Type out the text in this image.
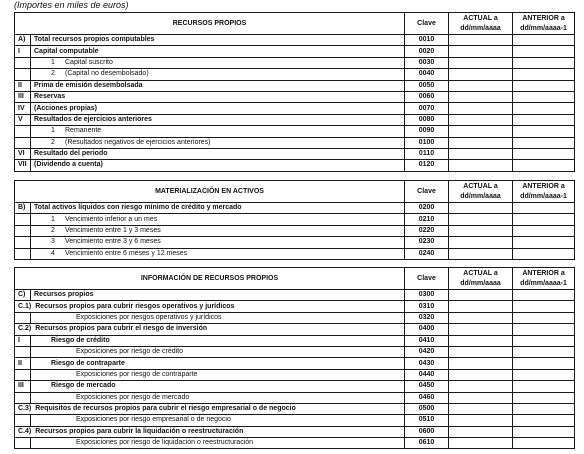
(Importes en miles de euros)
RECURSOS PROPIOS		Clave	ACTUAL a dd/mm/aaaa	ANTERIOR a dd/mm/aaaa-1
A)	Total recursos propios computables	0010		
I	Capital computable	0020		
	1 Capital suscrito	0030		
	2 (Capital no desembolsado)	0040		
II	Prima de emisión desembolsada	0050		
III	Reservas	0060		
IV	(Acciones propias)	0070		
V	Resultados de ejercicios anteriores	0080		
	1 Remanente	0090		
	2 (Resultados negativos de ejercicios anteriores)	0100		
VI	Resultado del periodo	0110		
VII	(Dividendo a cuenta)	0120		
MATERIALIZACIÓN EN ACTIVOS		Clave	ACTUAL a dd/mm/aaaa	ANTERIOR a dd/mm/aaaa-1
B)	Total activos líquidos con riesgo mínimo de crédito y mercado	0200		
	1 Vencimiento inferior a un mes	0210		
	2 Vencimiento entre 1 y 3 meses	0220		
	3 Vencimiento entre 3 y 6 meses	0230		
	4 Vencimiento entre 6 meses y 12 meses	0240		
INFORMACIÓN DE RECURSOS PROPIOS		Clave	ACTUAL a dd/mm/aaaa	ANTERIOR a dd/mm/aaaa-1
C)	Recursos propios	0300		
C.1) Recursos propios para cubrir riesgos operativos y jurídicos		0310		
	Exposiciones por riesgos operativos y jurídicos	0320		
C.2) Recursos propios para cubrir el riesgo de inversión		0400		
I	Riesgo de crédito	0410		
	Exposiciones por riesgo de crédito	0420		
II	Riesgo de contraparte	0430		
	Exposiciones por riesgo de contraparte	0440		
III	Riesgo de mercado	0450		
	Exposiciones por riesgo de mercado	0460		
C.3) Requisitos de recursos propios para cubrir el riesgo empresarial o de negocio		0500		
	Exposiciones por riesgo empresarial o de negocio	0510		
C.4) Recursos propios para cubrir la liquidación o reestructuración		0600		
	Exposiciones por riesgo de liquidación o reestructuración	0610		
